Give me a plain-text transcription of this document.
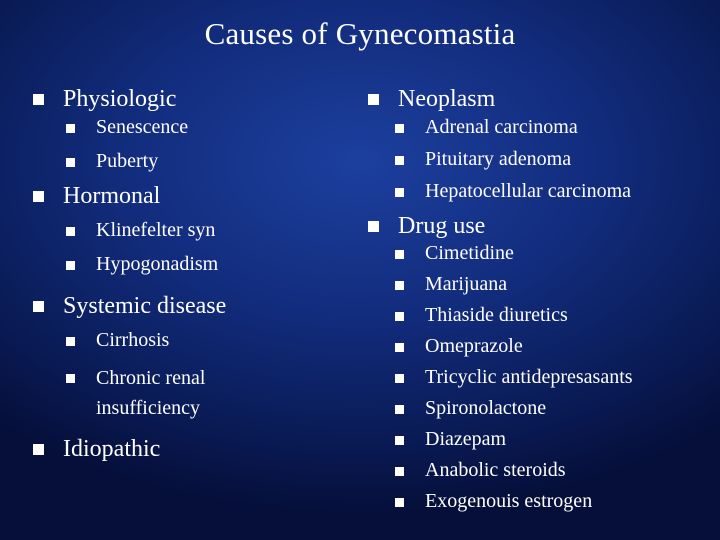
Causes of Gynecomastia
Physiologic
Senescence
Puberty
Hormonal
Klinefelter syn
Hypogonadism
Systemic disease
Cirrhosis
Chronic renal insufficiency
Idiopathic
Neoplasm
Adrenal carcinoma
Pituitary adenoma
Hepatocellular carcinoma
Drug use
Cimetidine
Marijuana
Thiaside diuretics
Omeprazole
Tricyclic antidepresasants
Spironolactone
Diazepam
Anabolic steroids
Exogenouis estrogen
